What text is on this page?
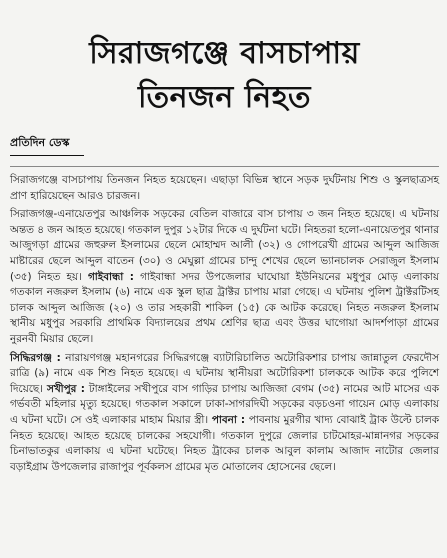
সিরাজগঞ্জে বাসচাপায়
তিনজন নিহত
প্রতিদিন ডেস্ক

সিরাজগঞ্জে বাসচাপায় তিনজন নিহত হয়েছেন। এছাড়া বিভিন্ন স্থানে সড়ক দুর্ঘটনায় শিশু ও স্কুলছাত্রসহ প্রাণ হারিয়েছেন আরও চারজন।

সিরাজগঞ্জ-এনায়েতপুর আঞ্চলিক সড়কের বেতিল বাজারে বাস চাপায় ৩ জন নিহত হয়েছে। এ ঘটনায় অন্তত ৪ জন আহত হয়েছে। গতকাল দুপুর ১২টার দিকে এ দুর্ঘটনা ঘটে। নিহতরা হলো-এনায়েতপুর থানার আজুগড়া গ্রামের জহুরুল ইসলামের ছেলে মোহাম্মদ আলী (৩২) ও গোপরেখী গ্রামের আব্দুল আজিজ মাষ্টারের ছেলে আব্দুল বাতেন (৩০) ও মেঘুল্লা গ্রামের চান্দু শেখের ছেলে ভ্যানচালক সেরাজুল ইসলাম (৩৫) নিহত হয়। গাইবান্ধা : গাইবান্ধা সদর উপজেলার ঘাঘোয়া ইউনিয়নের মধুপুর মোড় এলাকায় গতকাল নজরুল ইসলাম (৬) নামে এক স্কুল ছাত্র ট্রাক্টর চাপায় মারা গেছে। এ ঘটনায় পুলিশ ট্রাক্টরটিসহ চালক আব্দুল আজিজ (২০) ও তার সহকারী শাকিল (১৫) কে আটক করেছে। নিহত নজরুল ইসলাম স্থানীয় মধুপুর সরকারি প্রাথমিক বিদ্যালয়ের প্রথম শ্রেণির ছাত্র এবং উত্তর ঘাগোয়া আদর্শপাড়া গ্রামের নুরনবী মিয়ার ছেলে।

সিদ্ধিরগঞ্জ : নারায়ণগঞ্জ মহানগরের সিদ্ধিরগঞ্জে ব্যাটারিচালিত অটোরিকশার চাপায় জান্নাতুল ফেরদৌস রাত্রি (৯) নামে এক শিশু নিহত হয়েছে। এ ঘটনায় স্থানীয়রা অটোরিকশা চালককে আটক করে পুলিশে দিয়েছে। সখীপুর : টাঙ্গাইলের সখীপুরে বাস গাড়ির চাপায় আজিজা বেগম (৩৫) নামের আট মাসের এক গর্ভবতী মহিলার মৃত্যু হয়েছে। গতকাল সকালে ঢাকা-সাগরদিঘী সড়কের বড়চওনা গায়েন মোড় এলাকায় এ ঘটনা ঘটে। সে ওই এলাকার মাহাম মিয়ার স্ত্রী। পাবনা : পাবনায় মুরগীর খাদ্য বোঝাই ট্রাক উল্টে চালক নিহত হয়েছে। আহত হয়েছে চালকের সহযোগী। গতকাল দুপুরে জেলার চাটমোহর-মান্নানগর সড়কের চিনাভাতকুর এলাকায় এ ঘটনা ঘটেছে। নিহত ট্রাকের চালক আবুল কালাম আজাদ নাটোর জেলার বড়াইগ্রাম উপজেলার রাজাপুর পূর্বকলস গ্রামের মৃত মোতালেব হোসেনের ছেলে।
